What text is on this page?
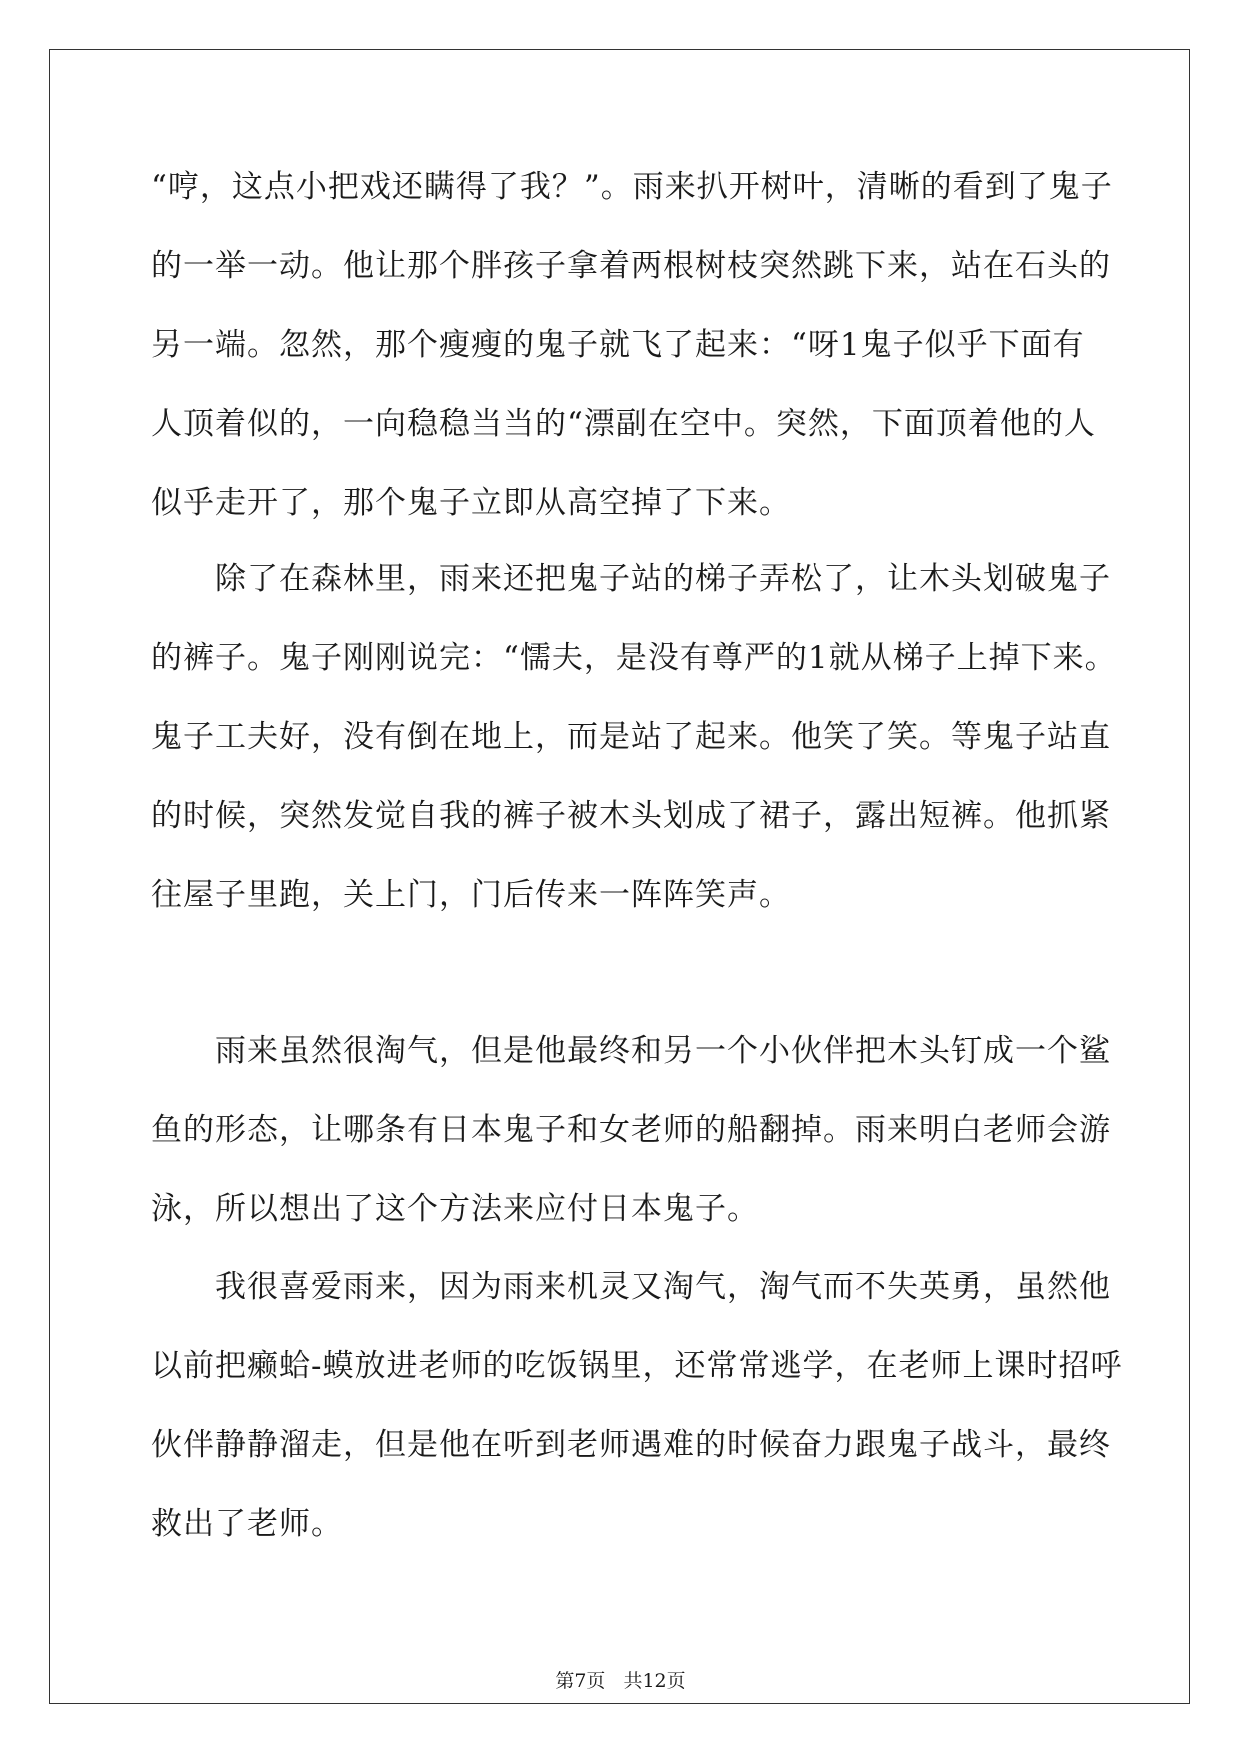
“哼，这点小把戏还瞒得了我？”。雨来扒开树叶，清晰的看到了鬼子
的一举一动。他让那个胖孩子拿着两根树枝突然跳下来，站在石头的
另一端。忽然，那个瘦瘦的鬼子就飞了起来：“呀1鬼子似乎下面有
人顶着似的，一向稳稳当当的“漂副在空中。突然，下面顶着他的人
似乎走开了，那个鬼子立即从高空掉了下来。

　　除了在森林里，雨来还把鬼子站的梯子弄松了，让木头划破鬼子
的裤子。鬼子刚刚说完：“懦夫，是没有尊严的1就从梯子上掉下来。
鬼子工夫好，没有倒在地上，而是站了起来。他笑了笑。等鬼子站直
的时候，突然发觉自我的裤子被木头划成了裙子，露出短裤。他抓紧
往屋子里跑，关上门，门后传来一阵阵笑声。

　　雨来虽然很淘气，但是他最终和另一个小伙伴把木头钉成一个鲨
鱼的形态，让哪条有日本鬼子和女老师的船翻掉。雨来明白老师会游
泳，所以想出了这个方法来应付日本鬼子。

　　我很喜爱雨来，因为雨来机灵又淘气，淘气而不失英勇，虽然他
以前把癞蛤-蟆放进老师的吃饭锅里，还常常逃学，在老师上课时招呼
伙伴静静溜走，但是他在听到老师遇难的时候奋力跟鬼子战斗，最终
救出了老师。

第7页 共12页
